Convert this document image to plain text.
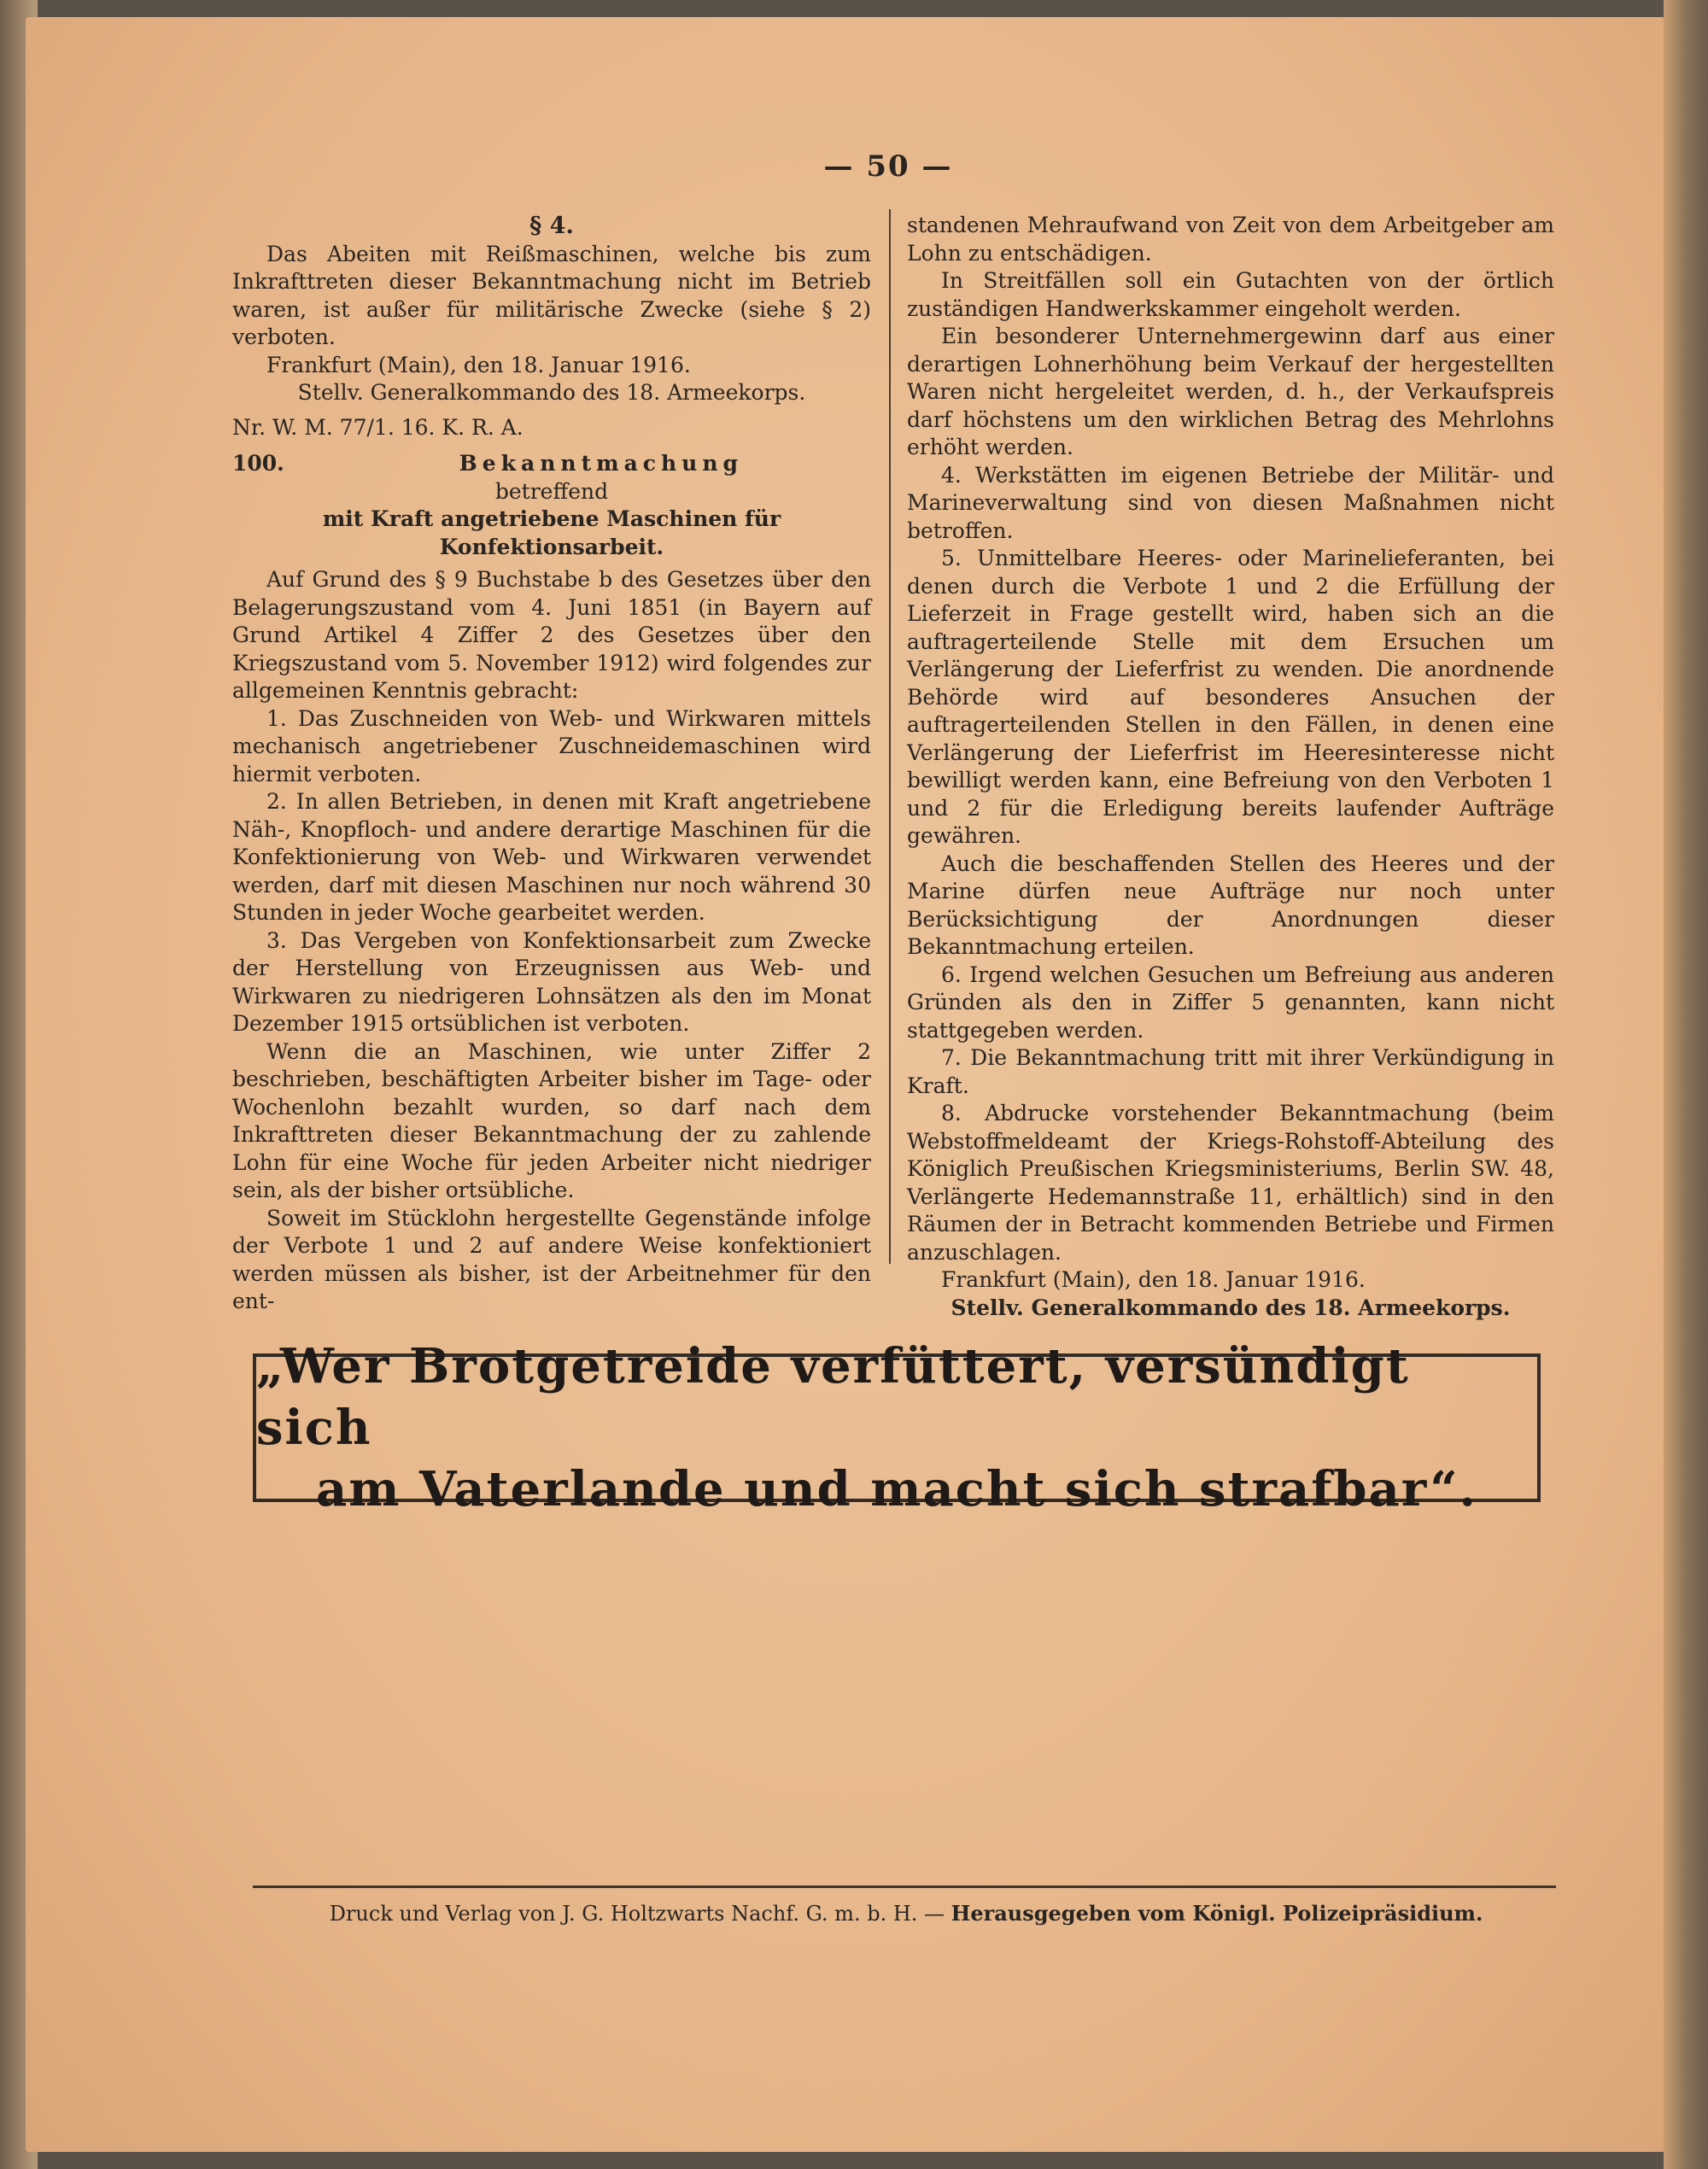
— 50 —

§ 4.

Das Abeiten mit Reißmaschinen, welche bis zum Inkrafttreten dieser Bekanntmachung nicht im Betrieb waren, ist außer für militärische Zwecke (siehe § 2) verboten.

Frankfurt (Main), den 18. Januar 1916.

Stellv. Generalkommando des 18. Armeekorps.

Nr. W. M. 77/1. 16. K. R. A.

100.	Bekanntmachung

betreffend

mit Kraft angetriebene Maschinen für Konfektionsarbeit.

Auf Grund des § 9 Buchstabe b des Gesetzes über den Belagerungszustand vom 4. Juni 1851 (in Bayern auf Grund Artikel 4 Ziffer 2 des Gesetzes über den Kriegszustand vom 5. November 1912) wird folgendes zur allgemeinen Kenntnis gebracht:

1. Das Zuschneiden von Web- und Wirkwaren mittels mechanisch angetriebener Zuschneidemaschinen wird hiermit verboten.

2. In allen Betrieben, in denen mit Kraft angetriebene Näh-, Knopfloch- und andere derartige Maschinen für die Konfektionierung von Web- und Wirkwaren verwendet werden, darf mit diesen Maschinen nur noch während 30 Stunden in jeder Woche gearbeitet werden.

3. Das Vergeben von Konfektionsarbeit zum Zwecke der Herstellung von Erzeugnissen aus Web- und Wirkwaren zu niedrigeren Lohnsätzen als den im Monat Dezember 1915 ortsüblichen ist verboten.

Wenn die an Maschinen, wie unter Ziffer 2 beschrieben, beschäftigten Arbeiter bisher im Tage- oder Wochenlohn bezahlt wurden, so darf nach dem Inkrafttreten dieser Bekanntmachung der zu zahlende Lohn für eine Woche für jeden Arbeiter nicht niedriger sein, als der bisher ortsübliche.

Soweit im Stücklohn hergestellte Gegenstände infolge der Verbote 1 und 2 auf andere Weise konfektioniert werden müssen als bisher, ist der Arbeitnehmer für den ent-

standenen Mehraufwand von Zeit von dem Arbeitgeber am Lohn zu entschädigen.

In Streitfällen soll ein Gutachten von der örtlich zuständigen Handwerkskammer eingeholt werden.

Ein besonderer Unternehmergewinn darf aus einer derartigen Lohnerhöhung beim Verkauf der hergestellten Waren nicht hergeleitet werden, d. h., der Verkaufspreis darf höchstens um den wirklichen Betrag des Mehrlohns erhöht werden.

4. Werkstätten im eigenen Betriebe der Militär- und Marineverwaltung sind von diesen Maßnahmen nicht betroffen.

5. Unmittelbare Heeres- oder Marinelieferanten, bei denen durch die Verbote 1 und 2 die Erfüllung der Lieferzeit in Frage gestellt wird, haben sich an die auftragerteilende Stelle mit dem Ersuchen um Verlängerung der Lieferfrist zu wenden. Die anordnende Behörde wird auf besonderes Ansuchen der auftragerteilenden Stellen in den Fällen, in denen eine Verlängerung der Lieferfrist im Heeresinteresse nicht bewilligt werden kann, eine Befreiung von den Verboten 1 und 2 für die Erledigung bereits laufender Aufträge gewähren.

Auch die beschaffenden Stellen des Heeres und der Marine dürfen neue Aufträge nur noch unter Berücksichtigung der Anordnungen dieser Bekanntmachung erteilen.

6. Irgend welchen Gesuchen um Befreiung aus anderen Gründen als den in Ziffer 5 genannten, kann nicht stattgegeben werden.

7. Die Bekanntmachung tritt mit ihrer Verkündigung in Kraft.

8. Abdrucke vorstehender Bekanntmachung (beim Webstoffmeldeamt der Kriegs-Rohstoff-Abteilung des Königlich Preußischen Kriegsministeriums, Berlin SW. 48, Verlängerte Hedemannstraße 11, erhältlich) sind in den Räumen der in Betracht kommenden Betriebe und Firmen anzuschlagen.

Frankfurt (Main), den 18. Januar 1916.

Stellv. Generalkommando des 18. Armeekorps.

„Wer Brotgetreide verfüttert, versündigt sich
am Vaterlande und macht sich strafbar“.
Druck und Verlag von J. G. Holtzwarts Nachf. G. m. b. H. — Herausgegeben vom Königl. Polizeipräsidium.
